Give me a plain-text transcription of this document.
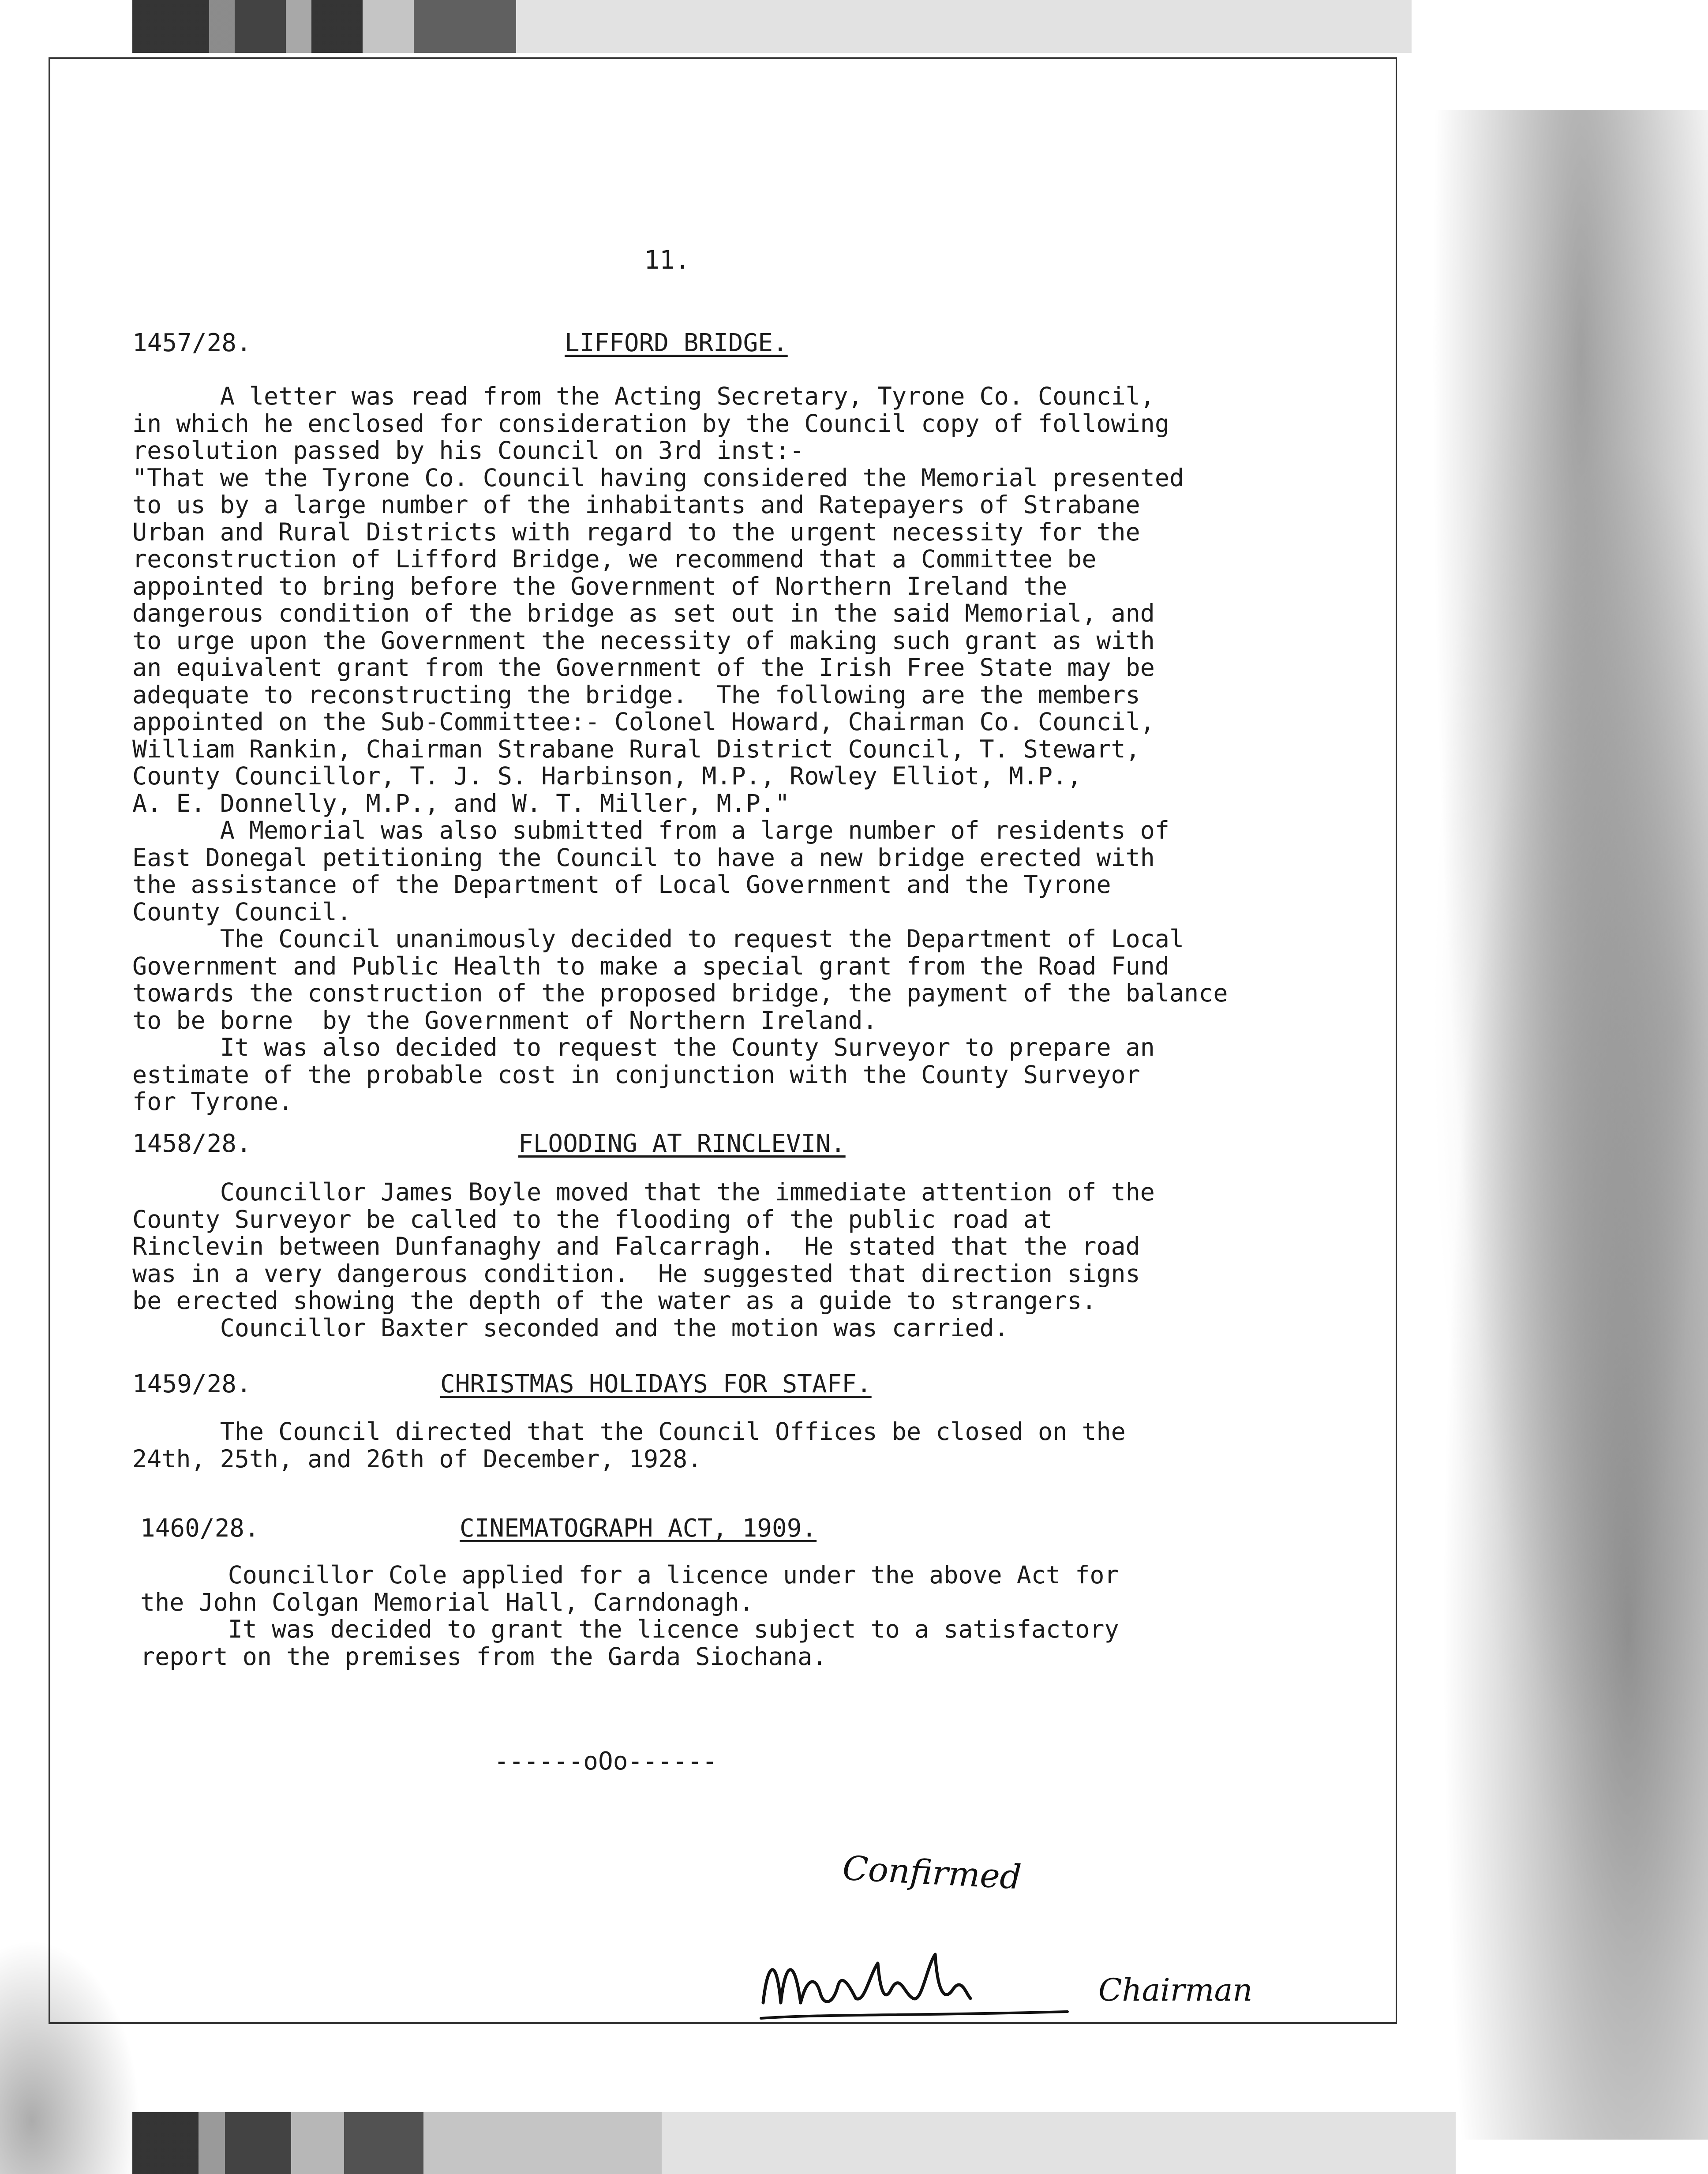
11.
1457/28.	LIFFORD BRIDGE.
A letter was read from the Acting Secretary, Tyrone Co. Council,
in which he enclosed for consideration by the Council copy of following
resolution passed by his Council on 3rd inst:-
"That we the Tyrone Co. Council having considered the Memorial presented
to us by a large number of the inhabitants and Ratepayers of Strabane
Urban and Rural Districts with regard to the urgent necessity for the
reconstruction of Lifford Bridge, we recommend that a Committee be
appointed to bring before the Government of Northern Ireland the
dangerous condition of the bridge as set out in the said Memorial, and
to urge upon the Government the necessity of making such grant as with
an equivalent grant from the Government of the Irish Free State may be
adequate to reconstructing the bridge.  The following are the members
appointed on the Sub-Committee:- Colonel Howard, Chairman Co. Council,
William Rankin, Chairman Strabane Rural District Council, T. Stewart,
County Councillor, T. J. S. Harbinson, M.P., Rowley Elliot, M.P.,
A. E. Donnelly, M.P., and W. T. Miller, M.P."
A Memorial was also submitted from a large number of residents of
East Donegal petitioning the Council to have a new bridge erected with
the assistance of the Department of Local Government and the Tyrone
County Council.
The Council unanimously decided to request the Department of Local
Government and Public Health to make a special grant from the Road Fund
towards the construction of the proposed bridge, the payment of the balance
to be borne  by the Government of Northern Ireland.
It was also decided to request the County Surveyor to prepare an
estimate of the probable cost in conjunction with the County Surveyor
for Tyrone.
1458/28.	FLOODING AT RINCLEVIN.
Councillor James Boyle moved that the immediate attention of the
County Surveyor be called to the flooding of the public road at
Rinclevin between Dunfanaghy and Falcarragh.  He stated that the road
was in a very dangerous condition.  He suggested that direction signs
be erected showing the depth of the water as a guide to strangers.
Councillor Baxter seconded and the motion was carried.
1459/28.	CHRISTMAS HOLIDAYS FOR STAFF.
The Council directed that the Council Offices be closed on the
24th, 25th, and 26th of December, 1928.
1460/28.	CINEMATOGRAPH ACT, 1909.
Councillor Cole applied for a licence under the above Act for
the John Colgan Memorial Hall, Carndonagh.
It was decided to grant the licence subject to a satisfactory
report on the premises from the Garda Siochana.
------oOo------
Confirmed
Chairman
